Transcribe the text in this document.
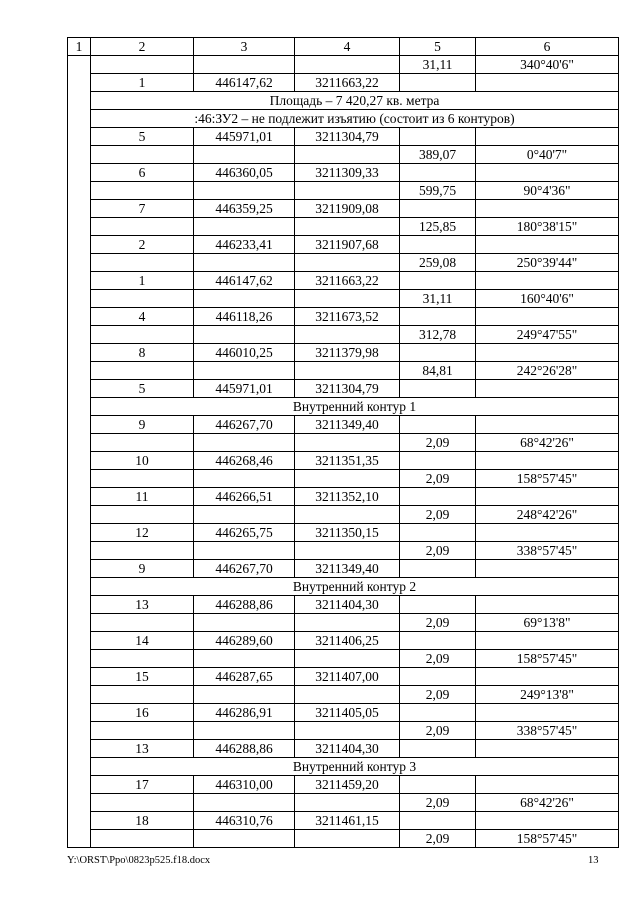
1	2	3	4	5	6
				31,11	340°40'6"
	1	446147,62	3211663,22		
	Площадь – 7 420,27 кв. метра				
	:46:ЗУ2 – не подлежит изъятию (состоит из 6 контуров)				
	5	445971,01	3211304,79		
				389,07	0°40'7"
	6	446360,05	3211309,33		
				599,75	90°4'36"
	7	446359,25	3211909,08		
				125,85	180°38'15"
	2	446233,41	3211907,68		
				259,08	250°39'44"
	1	446147,62	3211663,22		
				31,11	160°40'6"
	4	446118,26	3211673,52		
				312,78	249°47'55"
	8	446010,25	3211379,98		
				84,81	242°26'28"
	5	445971,01	3211304,79		
	Внутренний контур 1				
	9	446267,70	3211349,40		
				2,09	68°42'26"
	10	446268,46	3211351,35		
				2,09	158°57'45"
	11	446266,51	3211352,10		
				2,09	248°42'26"
	12	446265,75	3211350,15		
				2,09	338°57'45"
	9	446267,70	3211349,40		
	Внутренний контур 2				
	13	446288,86	3211404,30		
				2,09	69°13'8"
	14	446289,60	3211406,25		
				2,09	158°57'45"
	15	446287,65	3211407,00		
				2,09	249°13'8"
	16	446286,91	3211405,05		
				2,09	338°57'45"
	13	446288,86	3211404,30		
	Внутренний контур 3				
	17	446310,00	3211459,20		
				2,09	68°42'26"
	18	446310,76	3211461,15		
				2,09	158°57'45"
Y:\ORST\Ppo\0823p525.f18.docx	13
